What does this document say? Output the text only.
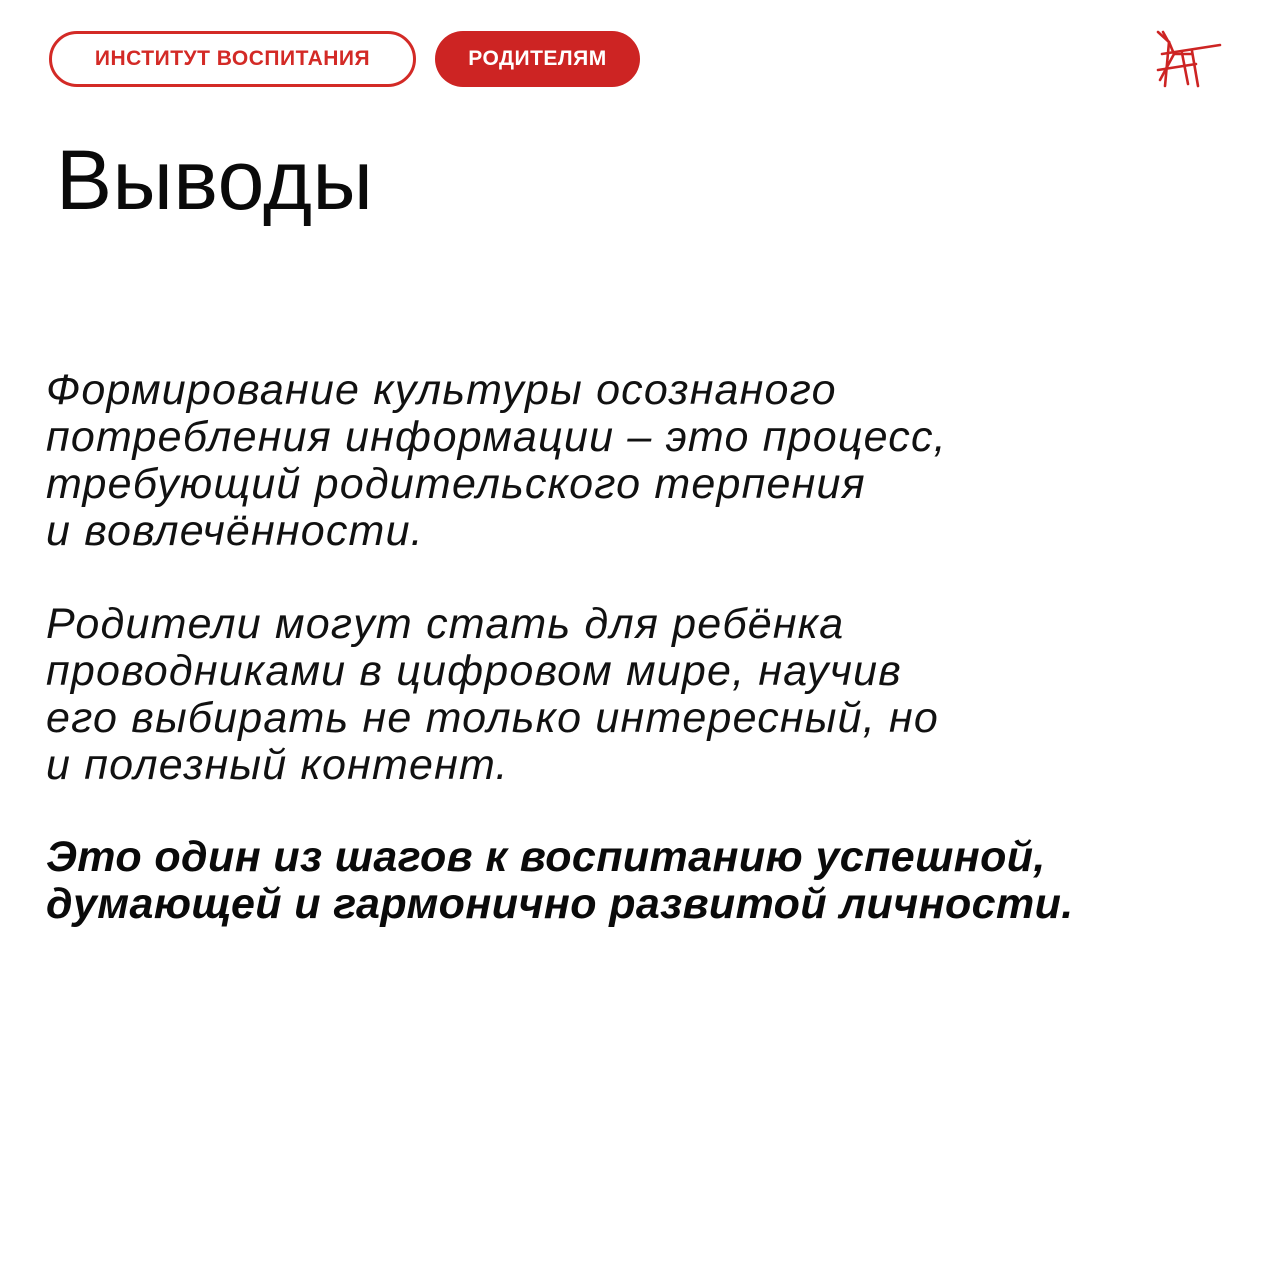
ИНСТИТУТ ВОСПИТАНИЯ	РОДИТЕЛЯМ
Выводы

Формирование культуры осознаного
потребления информации – это процесс,
требующий родительского терпения
и вовлечённости.

Родители могут стать для ребёнка
проводниками в цифровом мире, научив
его выбирать не только интересный, но
и полезный контент.

Это один из шагов к воспитанию успешной,
думающей и гармонично развитой личности.
